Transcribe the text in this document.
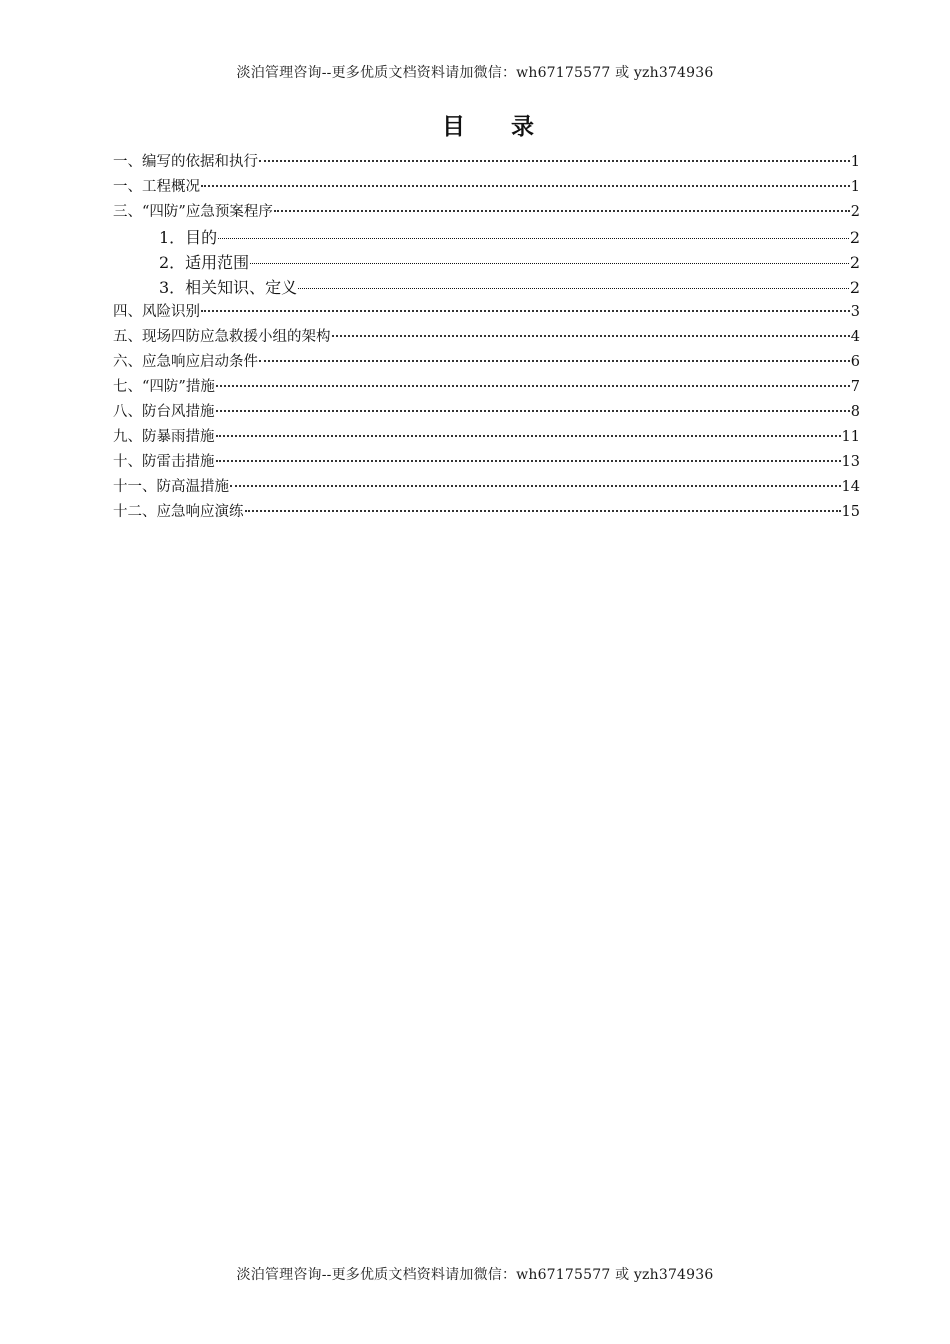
淡泊管理咨询--更多优质文档资料请加微信：wh67175577 或 yzh374936
目 录
一、编写的依据和执行	1
一、工程概况	1
三、“四防”应急预案程序	2
1．目的	2
2．适用范围	2
3．相关知识、定义	2
四、风险识别	3
五、现场四防应急救援小组的架构	4
六、应急响应启动条件	6
七、“四防”措施	7
八、防台风措施	8
九、防暴雨措施	11
十、防雷击措施	13
十一、防高温措施	14
十二、应急响应演练	15
淡泊管理咨询--更多优质文档资料请加微信：wh67175577 或 yzh374936
